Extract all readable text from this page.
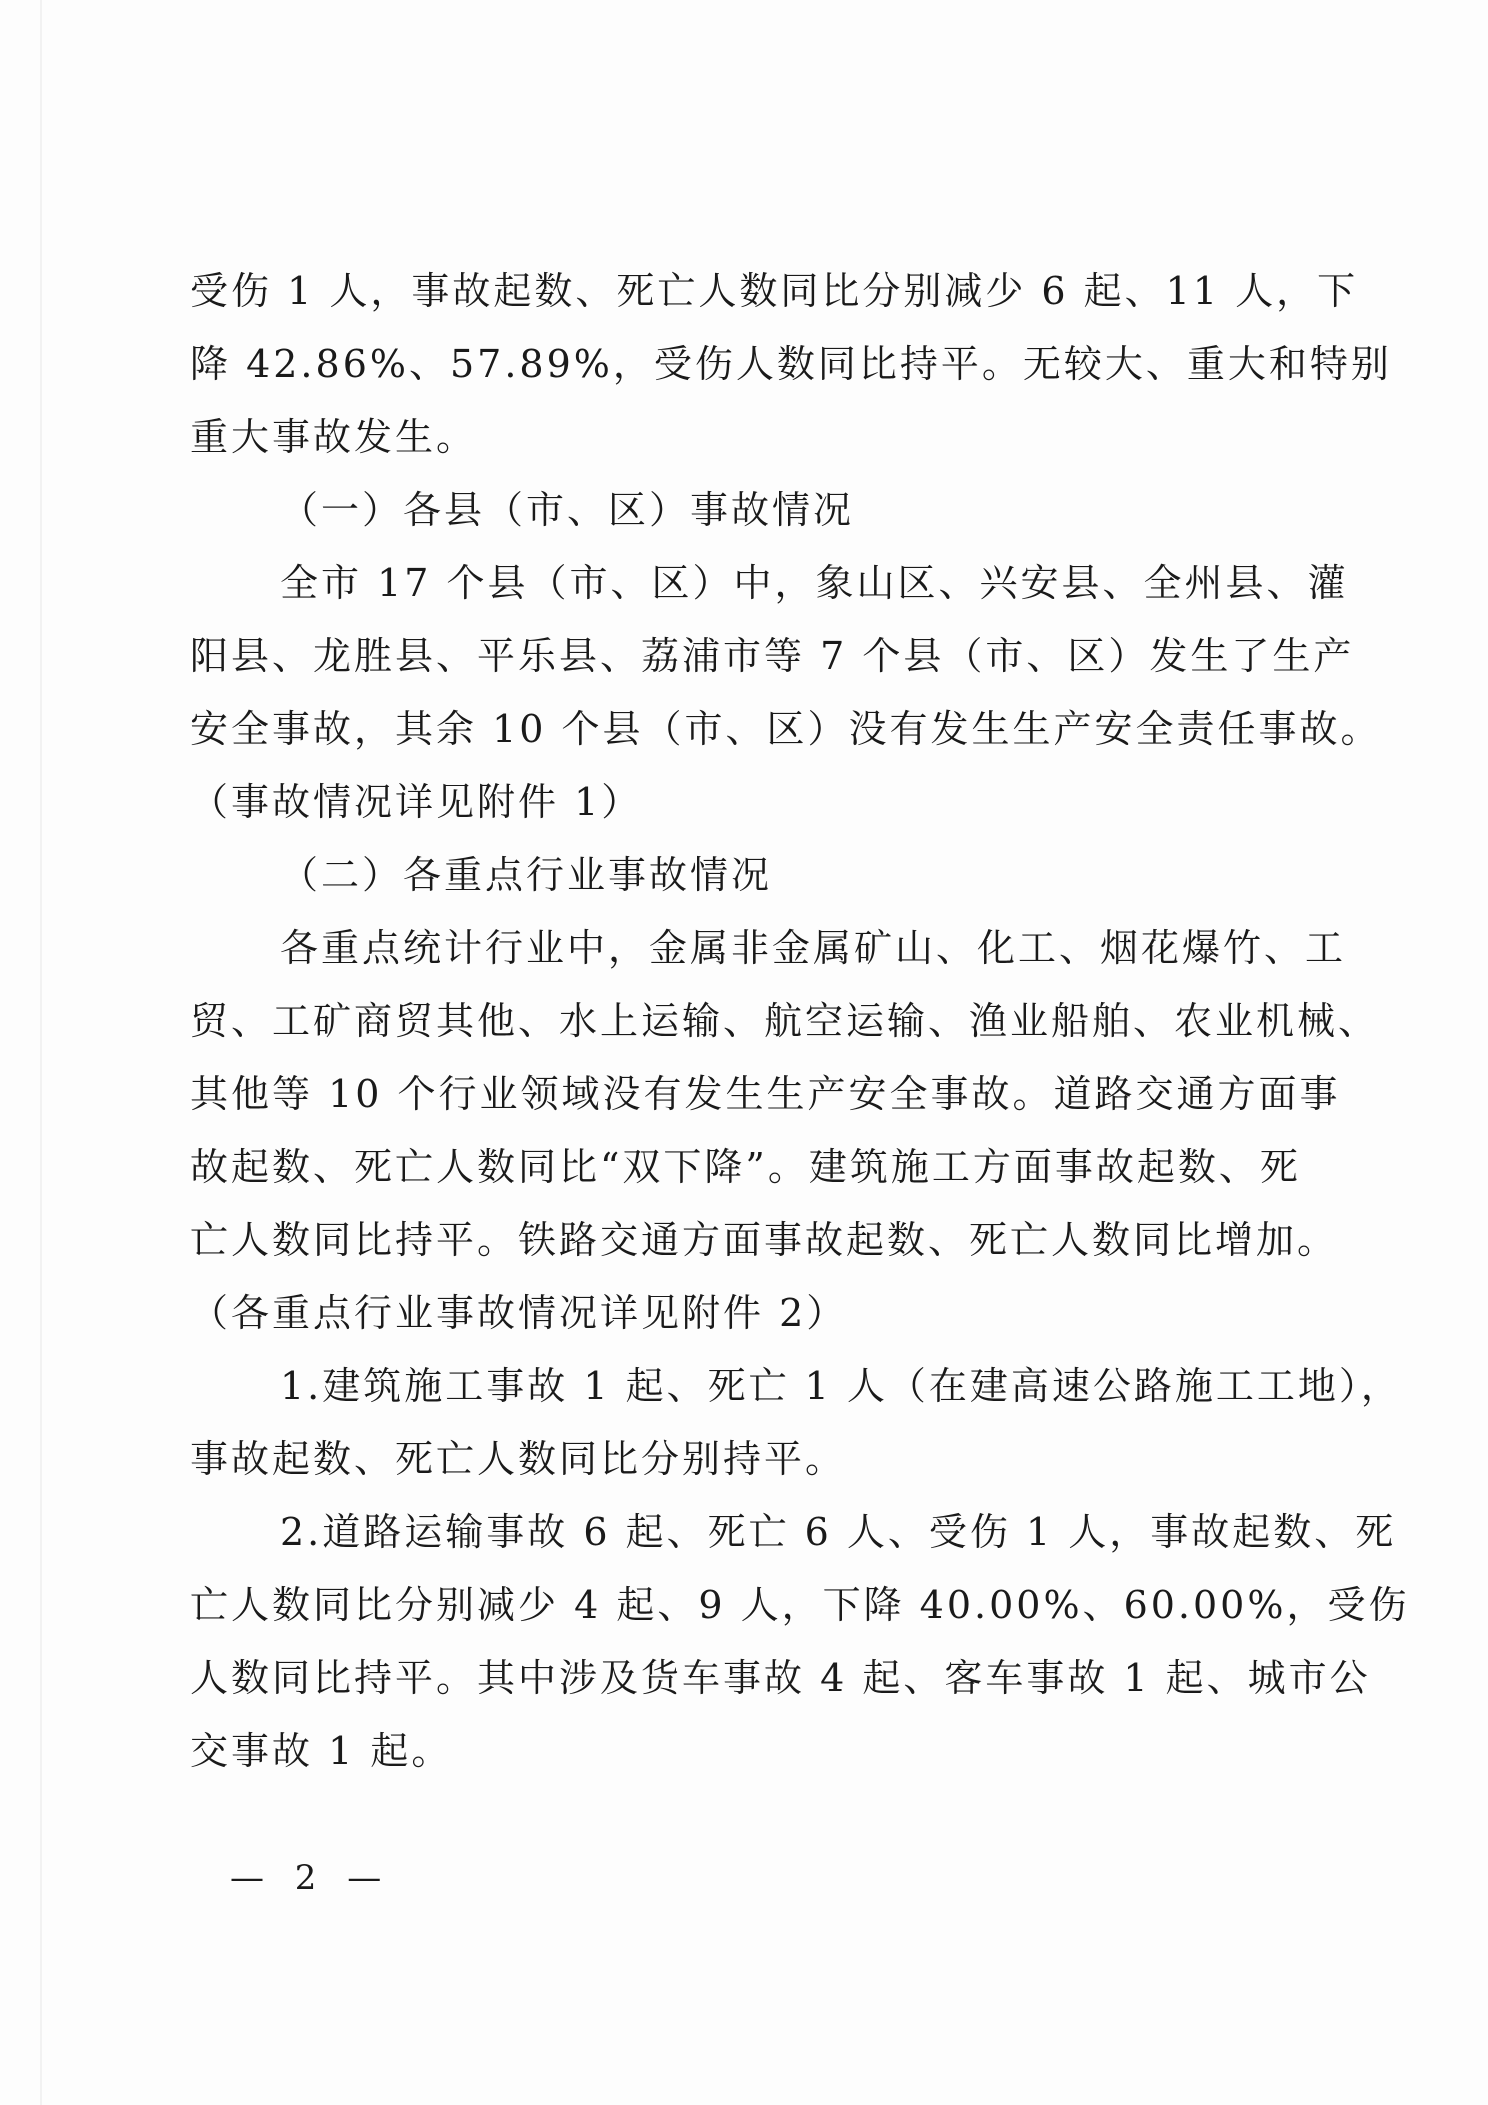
受伤 1 人，事故起数、死亡人数同比分别减少 6 起、11 人，下
降 42.86%、57.89%，受伤人数同比持平。无较大、重大和特别
重大事故发生。
（一）各县（市、区）事故情况
全市 17 个县（市、区）中，象山区、兴安县、全州县、灌
阳县、龙胜县、平乐县、荔浦市等 7 个县（市、区）发生了生产
安全事故，其余 10 个县（市、区）没有发生生产安全责任事故。
（事故情况详见附件 1）
（二）各重点行业事故情况
各重点统计行业中，金属非金属矿山、化工、烟花爆竹、工
贸、工矿商贸其他、水上运输、航空运输、渔业船舶、农业机械、
其他等 10 个行业领域没有发生生产安全事故。道路交通方面事
故起数、死亡人数同比“双下降”。建筑施工方面事故起数、死
亡人数同比持平。铁路交通方面事故起数、死亡人数同比增加。
（各重点行业事故情况详见附件 2）
1.建筑施工事故 1 起、死亡 1 人（在建高速公路施工工地），
事故起数、死亡人数同比分别持平。
2.道路运输事故 6 起、死亡 6 人、受伤 1 人，事故起数、死
亡人数同比分别减少 4 起、9 人，下降 40.00%、60.00%，受伤
人数同比持平。其中涉及货车事故 4 起、客车事故 1 起、城市公
交事故 1 起。
— 2 —
